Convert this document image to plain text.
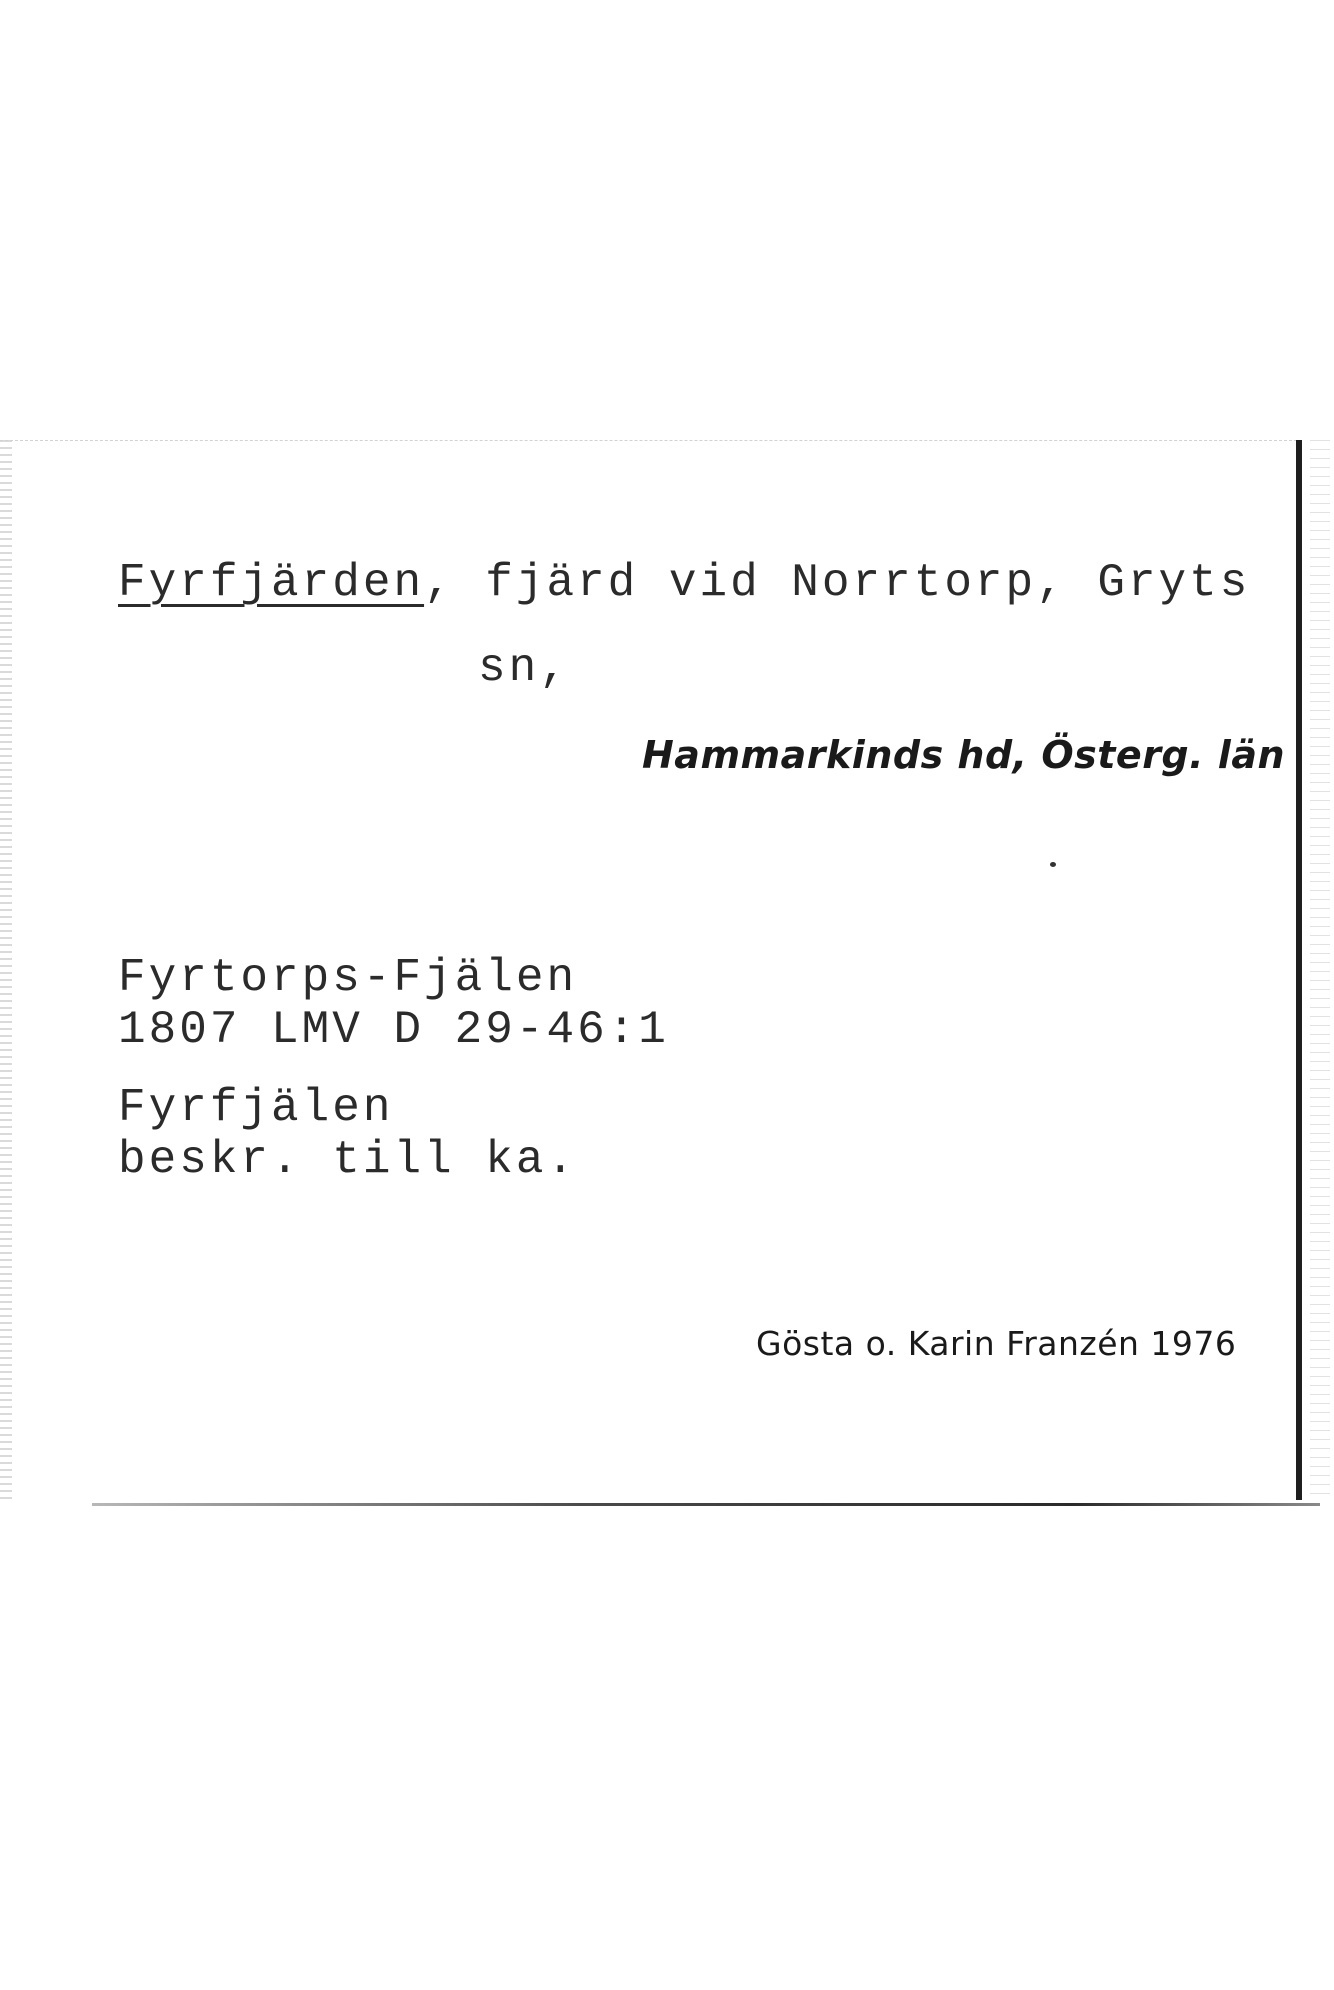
Fyrfjärden, fjärd vid Norrtorp, Gryts
sn,
Hammarkinds hd, Österg. län
Fyrtorps-Fjälen
1807 LMV D 29-46:1
Fyrfjälen
beskr. till ka.
Gösta o. Karin Franzén 1976
